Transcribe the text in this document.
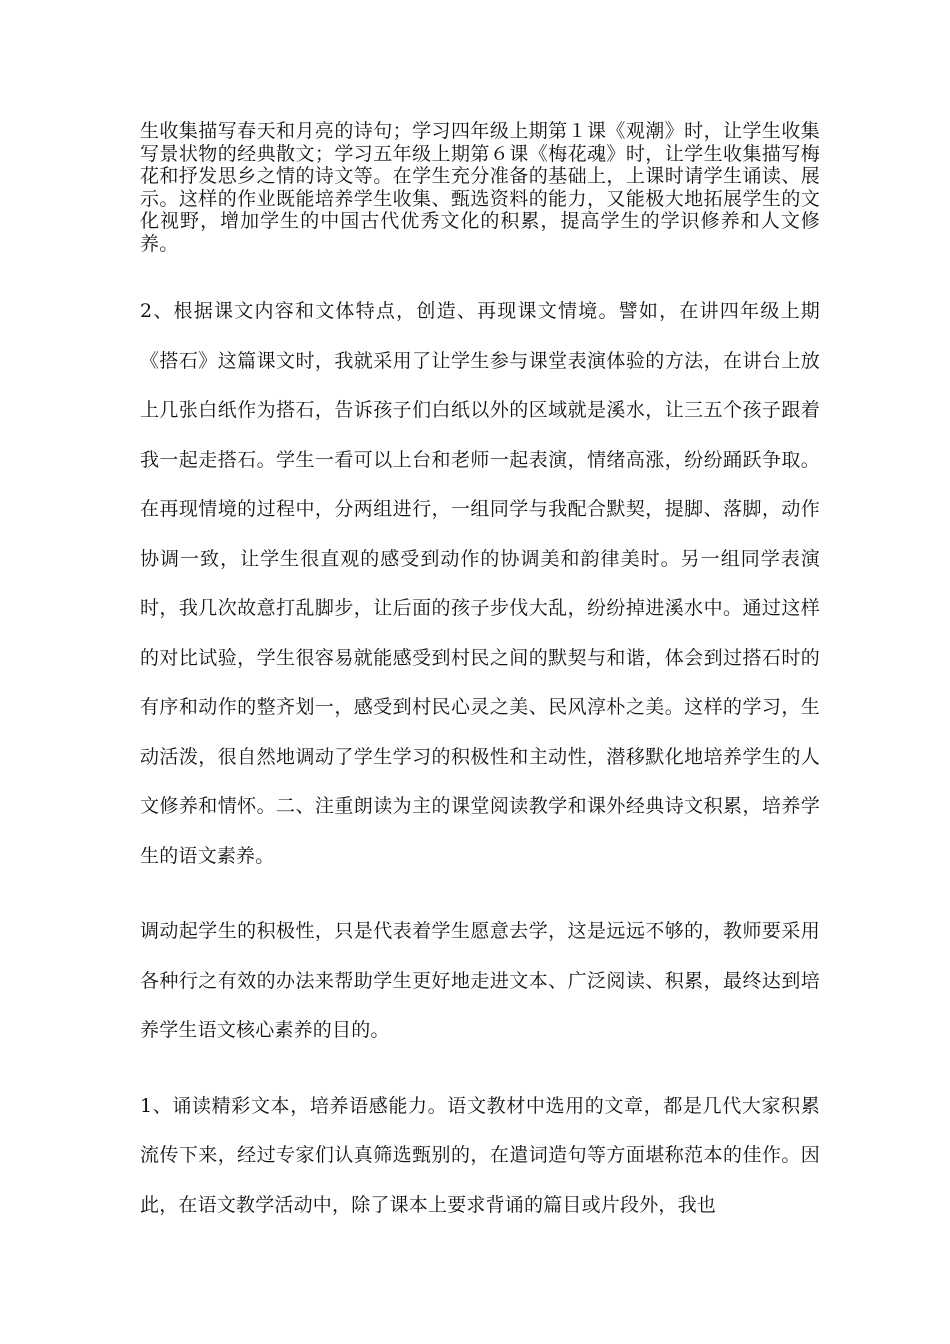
生收集描写春天和月亮的诗句；学习四年级上期第１课《观潮》时，让学生收集写景状物的经典散文；学习五年级上期第６课《梅花魂》时，让学生收集描写梅花和抒发思乡之情的诗文等。在学生充分准备的基础上，上课时请学生诵读、展示。这样的作业既能培养学生收集、甄选资料的能力，又能极大地拓展学生的文化视野，增加学生的中国古代优秀文化的积累，提高学生的学识修养和人文修养。

2、根据课文内容和文体特点，创造、再现课文情境。譬如，在讲四年级上期《搭石》这篇课文时，我就采用了让学生参与课堂表演体验的方法，在讲台上放上几张白纸作为搭石，告诉孩子们白纸以外的区域就是溪水，让三五个孩子跟着我一起走搭石。学生一看可以上台和老师一起表演，情绪高涨，纷纷踊跃争取。在再现情境的过程中，分两组进行，一组同学与我配合默契，提脚、落脚，动作协调一致，让学生很直观的感受到动作的协调美和韵律美时。另一组同学表演时，我几次故意打乱脚步，让后面的孩子步伐大乱，纷纷掉进溪水中。通过这样的对比试验，学生很容易就能感受到村民之间的默契与和谐，体会到过搭石时的有序和动作的整齐划一，感受到村民心灵之美、民风淳朴之美。这样的学习，生动活泼，很自然地调动了学生学习的积极性和主动性，潜移默化地培养学生的人文修养和情怀。二、注重朗读为主的课堂阅读教学和课外经典诗文积累，培养学生的语文素养。

调动起学生的积极性，只是代表着学生愿意去学，这是远远不够的，教师要采用各种行之有效的办法来帮助学生更好地走进文本、广泛阅读、积累，最终达到培养学生语文核心素养的目的。

1、诵读精彩文本，培养语感能力。语文教材中选用的文章，都是几代大家积累流传下来，经过专家们认真筛选甄别的，在遣词造句等方面堪称范本的佳作。因此，在语文教学活动中，除了课本上要求背诵的篇目或片段外，我也
